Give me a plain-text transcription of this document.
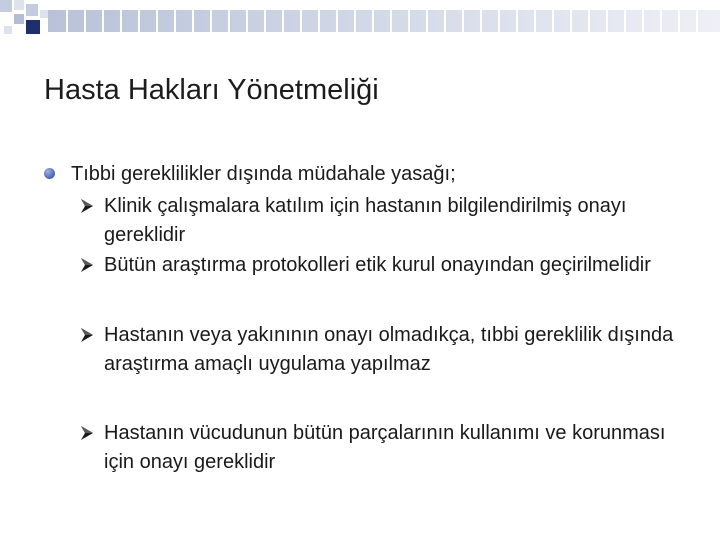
Hasta Hakları Yönetmeliği
Tıbbi gereklilikler dışında müdahale yasağı;
Klinik çalışmalara katılım için hastanın bilgilendirilmiş onayı gereklidir
Bütün araştırma protokolleri etik kurul onayından geçirilmelidir
Hastanın veya yakınının onayı olmadıkça, tıbbi gereklilik dışında araştırma amaçlı uygulama yapılmaz
Hastanın vücudunun bütün parçalarının kullanımı ve korunması için onayı gereklidir
